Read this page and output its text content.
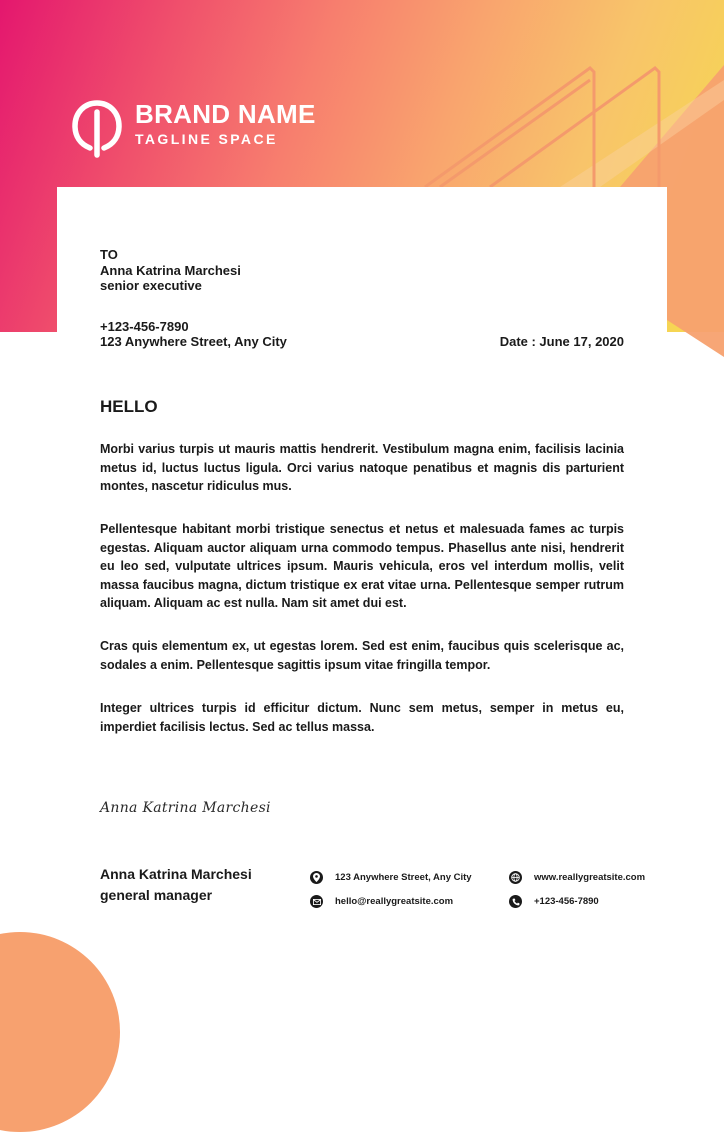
BRAND NAME
TAGLINE SPACE
TO
Anna Katrina Marchesi
senior executive
+123-456-7890
123 Anywhere Street, Any City	Date : June 17, 2020
HELLO

Morbi varius turpis ut mauris mattis hendrerit. Vestibulum magna enim, facilisis lacinia metus id, luctus luctus ligula. Orci varius natoque penatibus et magnis dis parturient montes, nascetur ridiculus mus.

Pellentesque habitant morbi tristique senectus et netus et malesuada fames ac turpis egestas. Aliquam auctor aliquam urna commodo tempus. Phasellus ante nisi, hendrerit eu leo sed, vulputate ultrices ipsum. Mauris vehicula, eros vel interdum mollis, velit massa faucibus magna, dictum tristique ex erat vitae urna. Pellentesque semper rutrum aliquam. Aliquam ac est nulla. Nam sit amet dui est.

Cras quis elementum ex, ut egestas lorem. Sed est enim, faucibus quis scelerisque ac, sodales a enim. Pellentesque sagittis ipsum vitae fringilla tempor.

Integer ultrices turpis id efficitur dictum. Nunc sem metus, semper in metus eu, imperdiet facilisis lectus. Sed ac tellus massa.

Anna Katrina Marchesi
Anna Katrina Marchesi
general manager
123 Anywhere Street, Any City
hello@reallygreatsite.com
www.reallygreatsite.com
+123-456-7890
